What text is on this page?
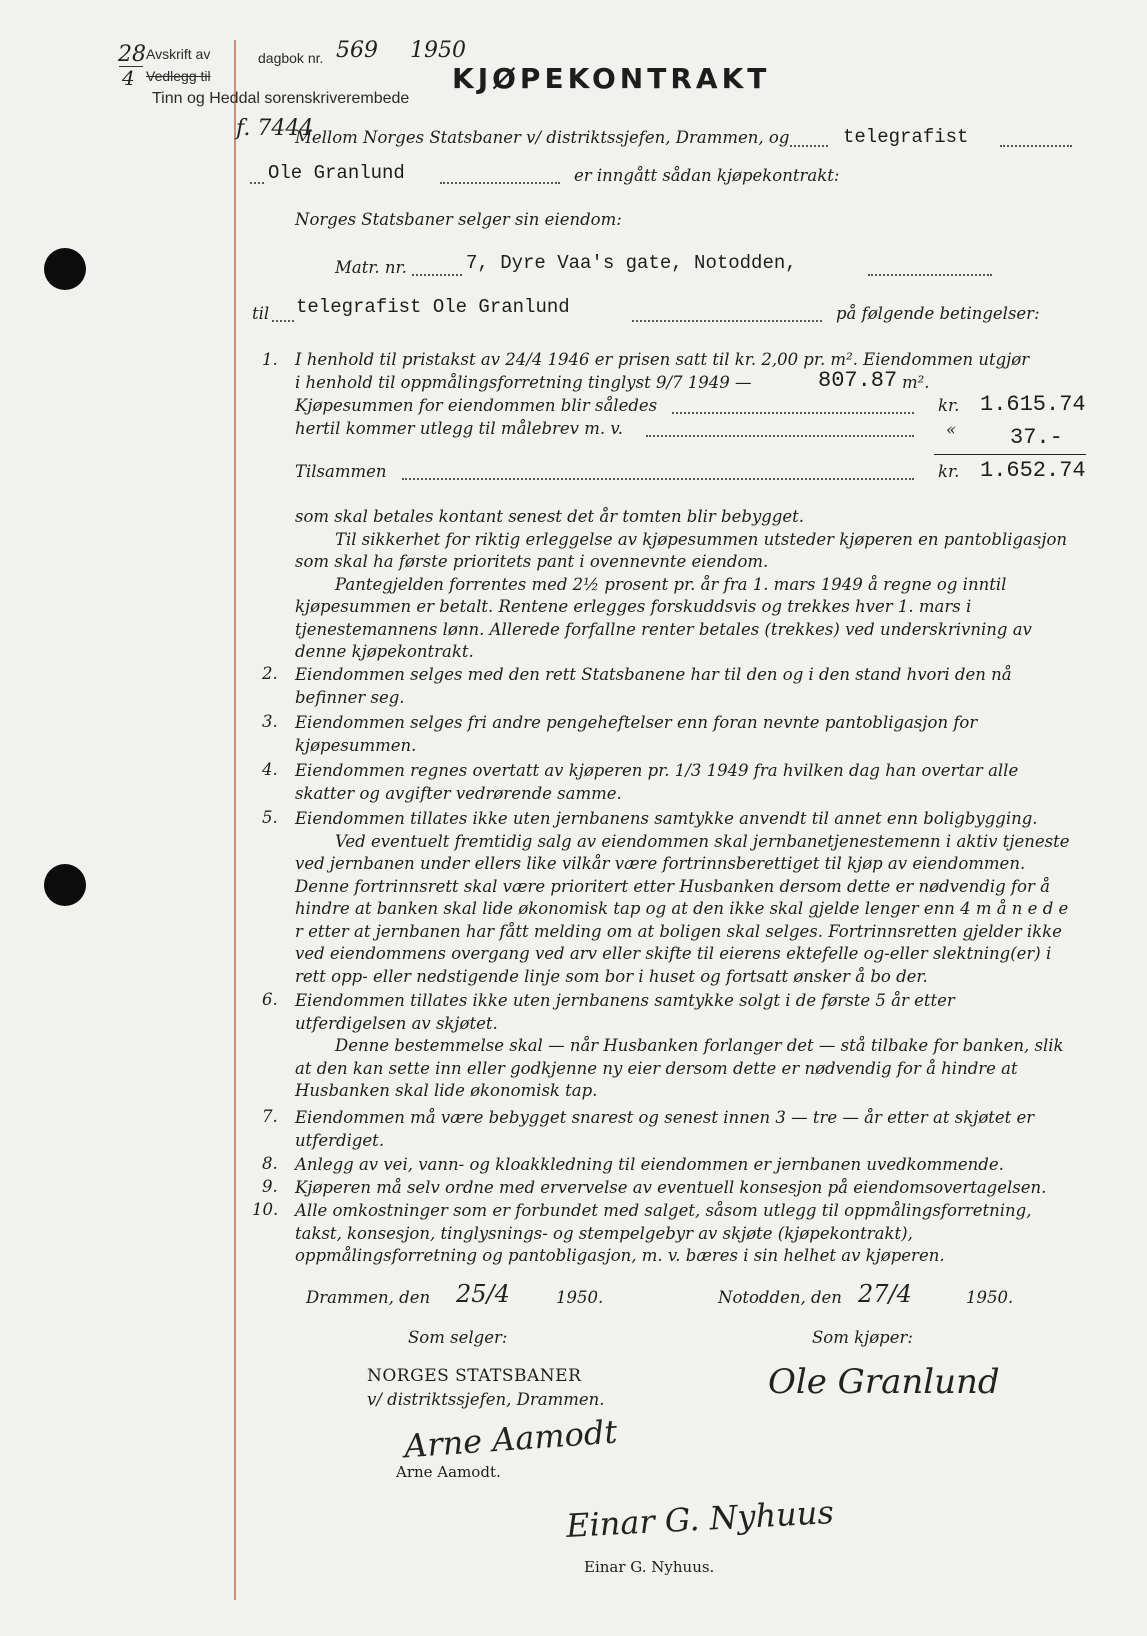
28
4
Avskrift av	dagbok nr. 569 1950
Vedlegg til
Tinn og Heddal sorenskriverembede
f. 7444
KJØPEKONTRAKT
Mellom Norges Statsbaner v/ distriktssjefen, Drammen, og	telegrafist
Ole Granlund	er inngått sådan kjøpekontrakt:
Norges Statsbaner selger sin eiendom:
Matr. nr.	7, Dyre Vaa's gate, Notodden,
til telegrafist Ole Granlund	på følgende betingelser:
1. I henhold til pristakst av 24/4 1946 er prisen satt til kr. 2,00 pr. m². Eiendommen utgjør
i henhold til oppmålingsforretning tinglyst 9/7 1949 —	807.87 m².
Kjøpesummen for eiendommen blir således	kr. 1.615.74
hertil kommer utlegg til målebrev m. v.	« 37.-
Tilsammen	kr. 1.652.74

som skal betales kontant senest det år tomten blir bebygget.

Til sikkerhet for riktig erleggelse av kjøpesummen utsteder kjøperen en pantobligasjon som skal ha første prioritets pant i ovennevnte eiendom.

Pantegjelden forrentes med 2½ prosent pr. år fra 1. mars 1949 å regne og inntil kjøpesummen er betalt. Rentene erlegges forskuddsvis og trekkes hver 1. mars i tjenestemannens lønn. Allerede forfallne renter betales (trekkes) ved underskrivning av denne kjøpekontrakt.

2. Eiendommen selges med den rett Statsbanene har til den og i den stand hvori den nå befinner seg.
3. Eiendommen selges fri andre pengeheftelser enn foran nevnte pantobligasjon for kjøpesummen.
4. Eiendommen regnes overtatt av kjøperen pr. 1/3 1949 fra hvilken dag han overtar alle skatter og avgifter vedrørende samme.
5. Eiendommen tillates ikke uten jernbanens samtykke anvendt til annet enn boligbygging.

Ved eventuelt fremtidig salg av eiendommen skal jernbanetjenestemenn i aktiv tjeneste ved jernbanen under ellers like vilkår være fortrinnsberettiget til kjøp av eiendommen. Denne fortrinnsrett skal være prioritert etter Husbanken dersom dette er nødvendig for å hindre at banken skal lide økonomisk tap og at den ikke skal gjelde lenger enn 4 m å n e d e r etter at jernbanen har fått melding om at boligen skal selges. Fortrinnsretten gjelder ikke ved eiendommens overgang ved arv eller skifte til eierens ektefelle og-eller slektning(er) i rett opp- eller nedstigende linje som bor i huset og fortsatt ønsker å bo der.

6. Eiendommen tillates ikke uten jernbanens samtykke solgt i de første 5 år etter utferdigelsen av skjøtet.

Denne bestemmelse skal — når Husbanken forlanger det — stå tilbake for banken, slik at den kan sette inn eller godkjenne ny eier dersom dette er nødvendig for å hindre at Husbanken skal lide økonomisk tap.

7. Eiendommen må være bebygget snarest og senest innen 3 — tre — år etter at skjøtet er utferdiget.
8. Anlegg av vei, vann- og kloakkledning til eiendommen er jernbanen uvedkommende.
9. Kjøperen må selv ordne med ervervelse av eventuell konsesjon på eiendomsovertagelsen.
10. Alle omkostninger som er forbundet med salget, såsom utlegg til oppmålingsforretning, takst, konsesjon, tinglysnings- og stempelgebyr av skjøte (kjøpekontrakt), oppmålingsforretning og pantobligasjon, m. v. bæres i sin helhet av kjøperen.
Drammen, den 25/4	1950.	Notodden, den 27/4	1950.
Som selger:	Som kjøper:
NORGES STATSBANER
v/ distriktssjefen, Drammen.	Ole Granlund
Arne Aamodt
Arne Aamodt.
Einar G. Nyhuus
Einar G. Nyhuus.
